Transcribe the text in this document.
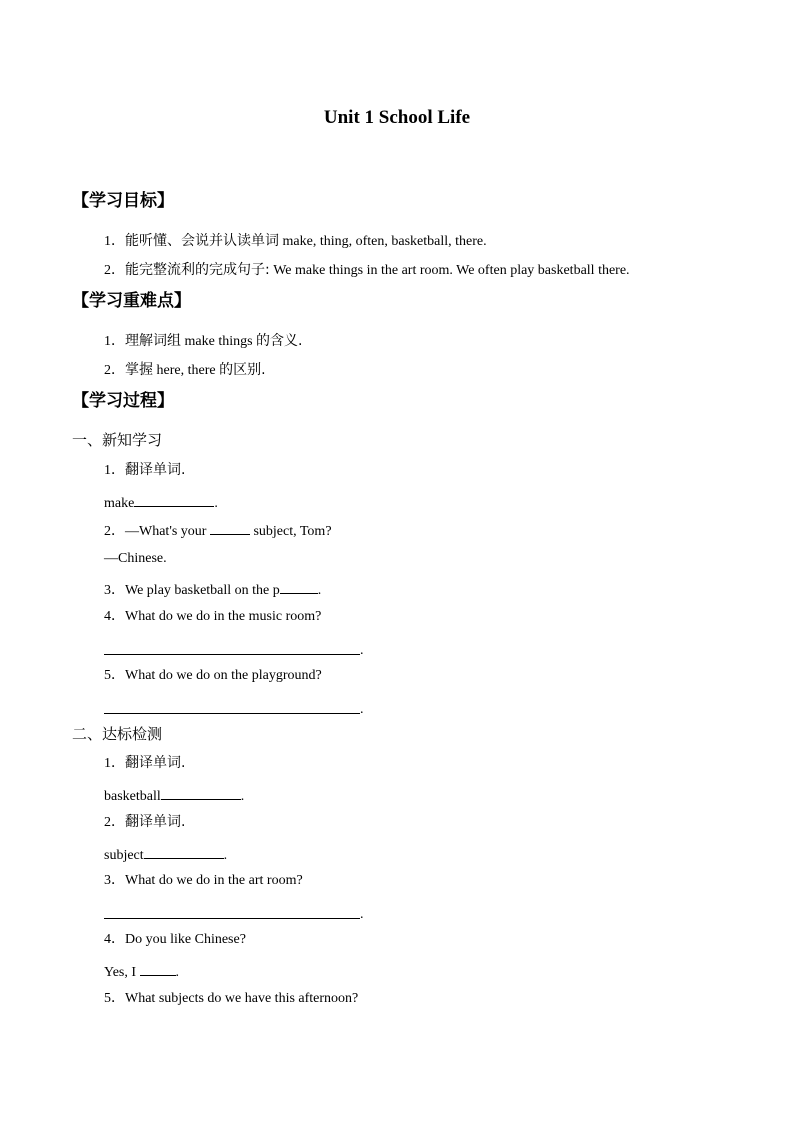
Unit 1 School Life
【学习目标】
1．能听懂、会说并认读单词 make, thing, often, basketball, there.
2．能完整流利的完成句子: We make things in the art room. We often play basketball there.
【学习重难点】
1．理解词组 make things 的含义.
2．掌握 here, there 的区别.
【学习过程】
一、新知学习
1．翻译单词.
make	.
2．—What's your	subject, Tom?
—Chinese.
3．We play basketball on the p	.
4．What do we do in the music room?
.
5．What do we do on the playground?
.
二、达标检测
1．翻译单词.
basketball	.
2．翻译单词.
subject	.
3．What do we do in the art room?
.
4．Do you like Chinese?
Yes, I	.
5．What subjects do we have this afternoon?
